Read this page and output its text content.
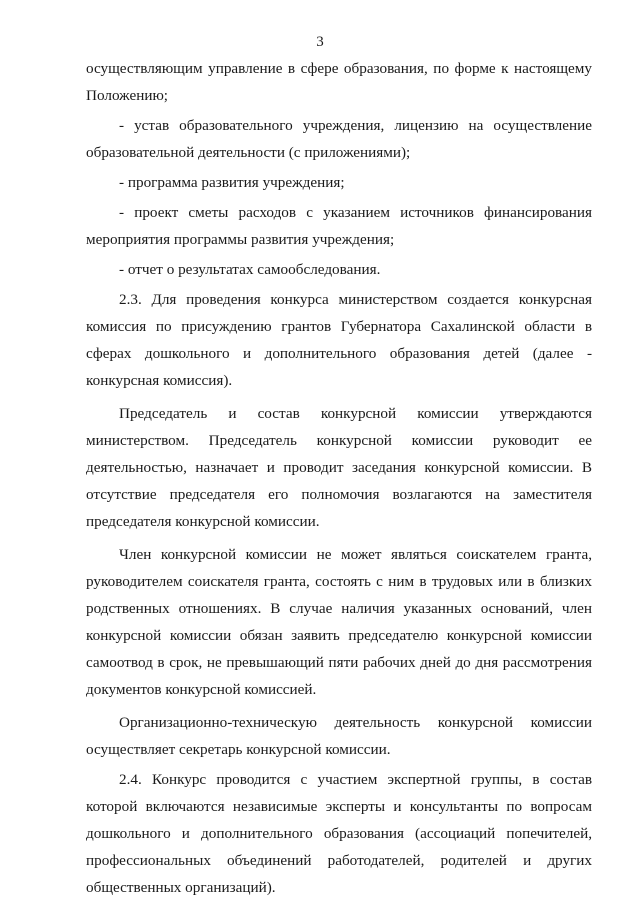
3

осуществляющим управление в сфере образования, по форме к настоящему Положению;

- устав образовательного учреждения, лицензию на осуществление образовательной деятельности (с приложениями);

- программа развития учреждения;

- проект сметы расходов с указанием источников финансирования мероприятия программы развития учреждения;

- отчет о результатах самообследования.

2.3. Для проведения конкурса министерством создается конкурсная комиссия по присуждению грантов Губернатора Сахалинской области в сферах дошкольного и дополнительного образования детей (далее - конкурсная комиссия).

Председатель и состав конкурсной комиссии утверждаются министерством. Председатель конкурсной комиссии руководит ее деятельностью, назначает и проводит заседания конкурсной комиссии. В отсутствие председателя его полномочия возлагаются на заместителя председателя конкурсной комиссии.

Член конкурсной комиссии не может являться соискателем гранта, руководителем соискателя гранта, состоять с ним в трудовых или в близких родственных отношениях. В случае наличия указанных оснований, член конкурсной комиссии обязан заявить председателю конкурсной комиссии самоотвод в срок, не превышающий пяти рабочих дней до дня рассмотрения документов конкурсной комиссией.

Организационно-техническую деятельность конкурсной комиссии осуществляет секретарь конкурсной комиссии.

2.4. Конкурс проводится с участием экспертной группы, в состав которой включаются независимые эксперты и консультанты по вопросам дошкольного и дополнительного образования (ассоциаций попечителей, профессиональных объединений работодателей, родителей и других общественных организаций).
